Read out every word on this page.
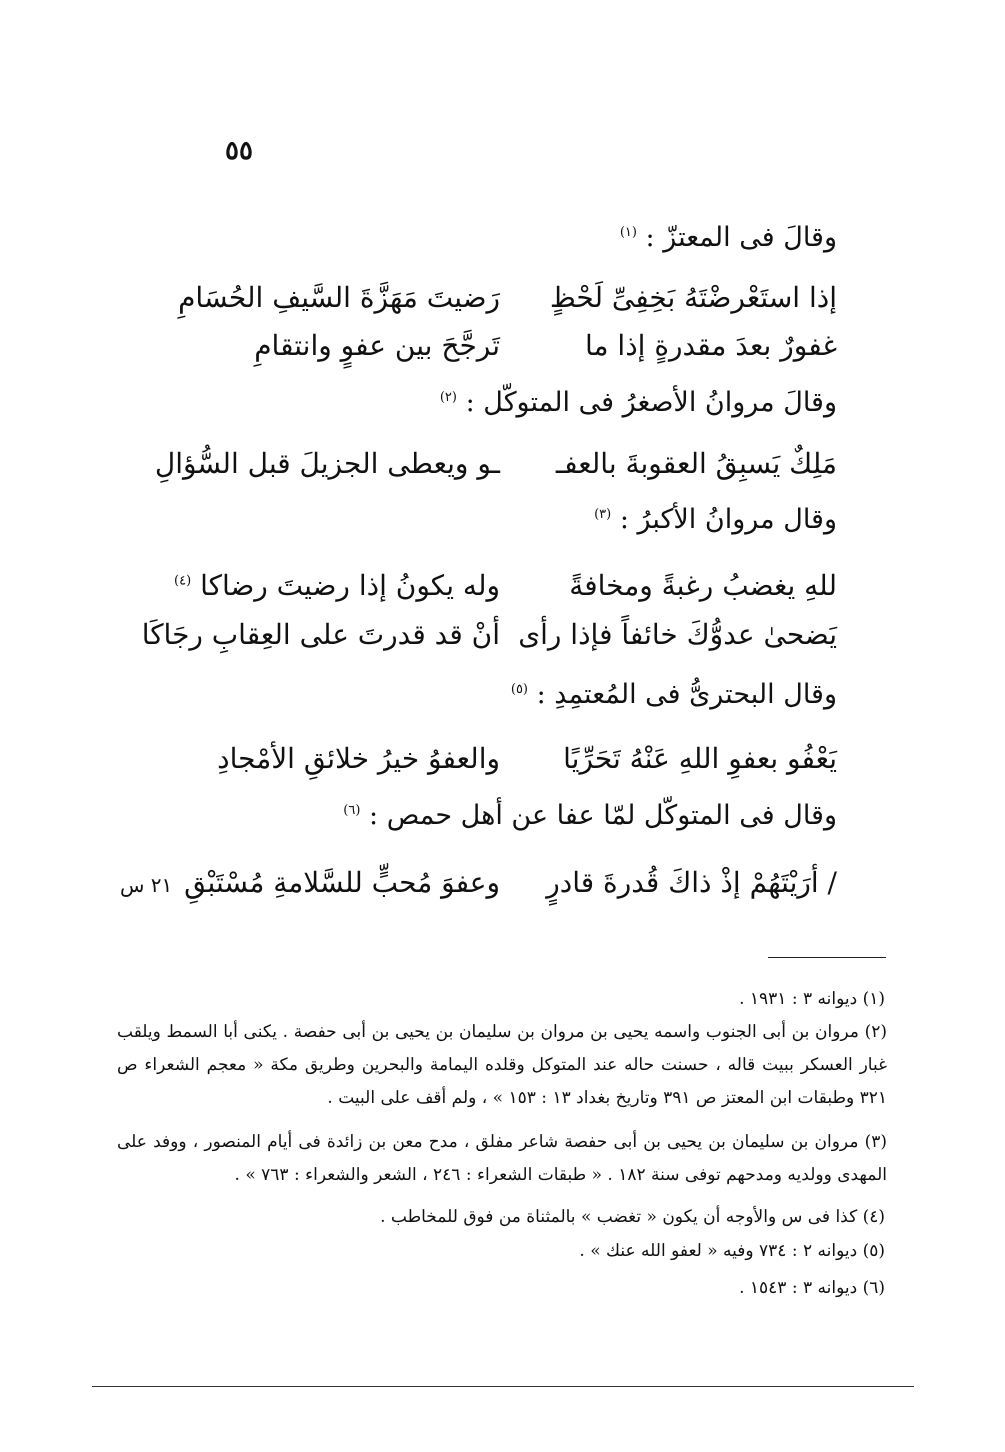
٥٥
وقالَ فى المعتزّ : $^{(١)}$
إذا استَعْرضْتَهُ بَخِفِىِّ لَحْظٍ
رَضيتَ مَهَزَّةَ السَّيفِ الحُسَامِ
غفورٌ بعدَ مقدرةٍ إذا ما
تَرجَّحَ بين عفوٍ وانتقامِ
وقالَ مروانُ الأصغرُ فى المتوكّل : $^{(٢)}$
مَلِكٌ يَسبِقُ العقوبةَ بالعفـ
ـو ويعطى الجزيلَ قبل السُّؤالِ
وقال مروانُ الأكبرُ : $^{(٣)}$
للهِ يغضبُ رغبةً ومخافةً
وله يكونُ إذا رضيتَ رضاكا $^{(٤)}$
يَضحىٰ عدوُّكَ خائفاً فإذا رأى
أنْ قد قدرتَ على العِقابِ رجَاكَا
وقال البحترىُّ فى المُعتمِدِ : $^{(٥)}$
يَعْفُو بعفوِ اللهِ عَنْهُ تَحَرِّيًا
والعفوُ خيرُ خلائقِ الأمْجادِ
وقال فى المتوكّل لمّا عفا عن أهل حمص : $^{(٦)}$
/ أرَيْتَهُمْ إذْ ذاكَ قُدرةَ قادرٍ
وعفوَ مُحبٍّ للسَّلامةِ مُسْتَبْقِ
٢١ س
(١) ديوانه ٣ : ١٩٣١ .
(٢) مروان بن أبى الجنوب واسمه يحيى بن مروان بن سليمان بن يحيى بن أبى حفصة . يكنى أبا السمط ويلقب غبار العسكر ببيت قاله ، حسنت حاله عند المتوكل وقلده اليمامة والبحرين وطريق مكة « معجم الشعراء ص ٣٢١ وطبقات ابن المعتز ص ٣٩١ وتاريخ بغداد ١٣ : ١٥٣ » ، ولم أقف على البيت .
(٣) مروان بن سليمان بن يحيى بن أبى حفصة شاعر مفلق ، مدح معن بن زائدة فى أيام المنصور ، ووفد على المهدى وولديه ومدحهم توفى سنة ١٨٢ . « طبقات الشعراء : ٢٤٦ ، الشعر والشعراء : ٧٦٣ » .
(٤) كذا فى س والأوجه أن يكون « تغضب » بالمثناة من فوق للمخاطب .
(٥) ديوانه ٢ : ٧٣٤ وفيه « لعفو الله عنك » .
(٦) ديوانه ٣ : ١٥٤٣ .
